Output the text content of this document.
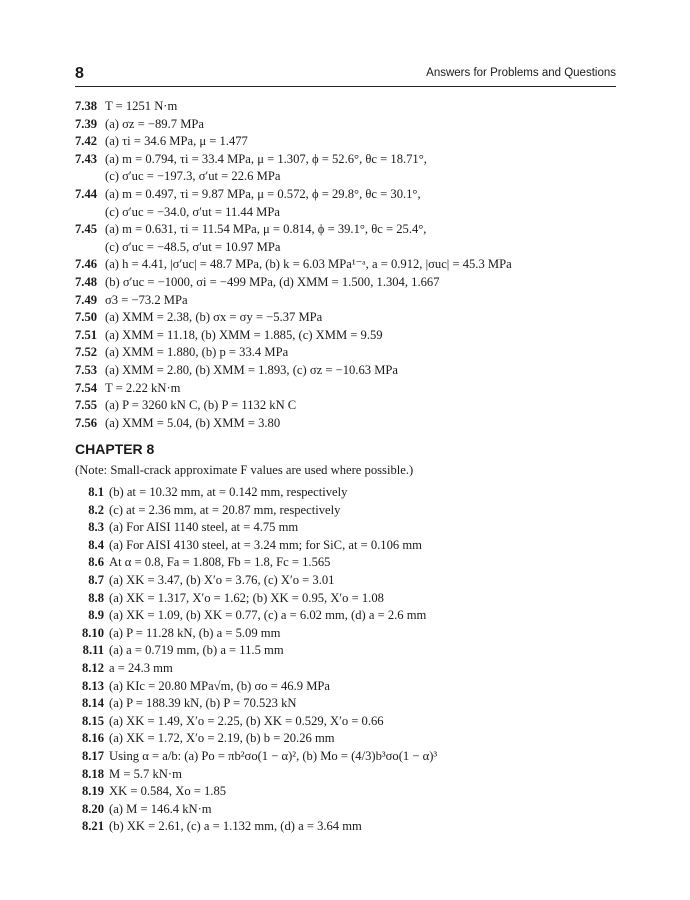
8	Answers for Problems and Questions
7.38 T = 1251 N·m
7.39 (a) σz = −89.7 MPa
7.42 (a) τi = 34.6 MPa, μ = 1.477
7.43 (a) m = 0.794, τi = 33.4 MPa, μ = 1.307, ϕ = 52.6°, θc = 18.71°,
(c) σ′uc = −197.3, σ′ut = 22.6 MPa
7.44 (a) m = 0.497, τi = 9.87 MPa, μ = 0.572, ϕ = 29.8°, θc = 30.1°,
(c) σ′uc = −34.0, σ′ut = 11.44 MPa
7.45 (a) m = 0.631, τi = 11.54 MPa, μ = 0.814, ϕ = 39.1°, θc = 25.4°,
(c) σ′uc = −48.5, σ′ut = 10.97 MPa
7.46 (a) h = 4.41, |σ′uc| = 48.7 MPa, (b) k = 6.03 MPa¹⁻ᵃ, a = 0.912, |σuc| = 45.3 MPa
7.48 (b) σ′uc = −1000, σi = −499 MPa, (d) XMM = 1.500, 1.304, 1.667
7.49 σ3 = −73.2 MPa
7.50 (a) XMM = 2.38, (b) σx = σy = −5.37 MPa
7.51 (a) XMM = 11.18, (b) XMM = 1.885, (c) XMM = 9.59
7.52 (a) XMM = 1.880, (b) p = 33.4 MPa
7.53 (a) XMM = 2.80, (b) XMM = 1.893, (c) σz = −10.63 MPa
7.54 T = 2.22 kN·m
7.55 (a) P = 3260 kN C, (b) P = 1132 kN C
7.56 (a) XMM = 5.04, (b) XMM = 3.80
CHAPTER 8
(Note: Small-crack approximate F values are used where possible.)
8.1 (b) at = 10.32 mm, at = 0.142 mm, respectively
8.2 (c) at = 2.36 mm, at = 20.87 mm, respectively
8.3 (a) For AISI 1140 steel, at = 4.75 mm
8.4 (a) For AISI 4130 steel, at = 3.24 mm; for SiC, at = 0.106 mm
8.6 At α = 0.8, Fa = 1.808, Fb = 1.8, Fc = 1.565
8.7 (a) XK = 3.47, (b) X′o = 3.76, (c) X′o = 3.01
8.8 (a) XK = 1.317, X′o = 1.62; (b) XK = 0.95, X′o = 1.08
8.9 (a) XK = 1.09, (b) XK = 0.77, (c) a = 6.02 mm, (d) a = 2.6 mm
8.10 (a) P = 11.28 kN, (b) a = 5.09 mm
8.11 (a) a = 0.719 mm, (b) a = 11.5 mm
8.12 a = 24.3 mm
8.13 (a) KIc = 20.80 MPa√m, (b) σo = 46.9 MPa
8.14 (a) P = 188.39 kN, (b) P = 70.523 kN
8.15 (a) XK = 1.49, X′o = 2.25, (b) XK = 0.529, X′o = 0.66
8.16 (a) XK = 1.72, X′o = 2.19, (b) b = 20.26 mm
8.17 Using α = a/b: (a) Po = πb²σo(1 − α)², (b) Mo = (4/3)b³σo(1 − α)³
8.18 M = 5.7 kN·m
8.19 XK = 0.584, Xo = 1.85
8.20 (a) M = 146.4 kN·m
8.21 (b) XK = 2.61, (c) a = 1.132 mm, (d) a = 3.64 mm
